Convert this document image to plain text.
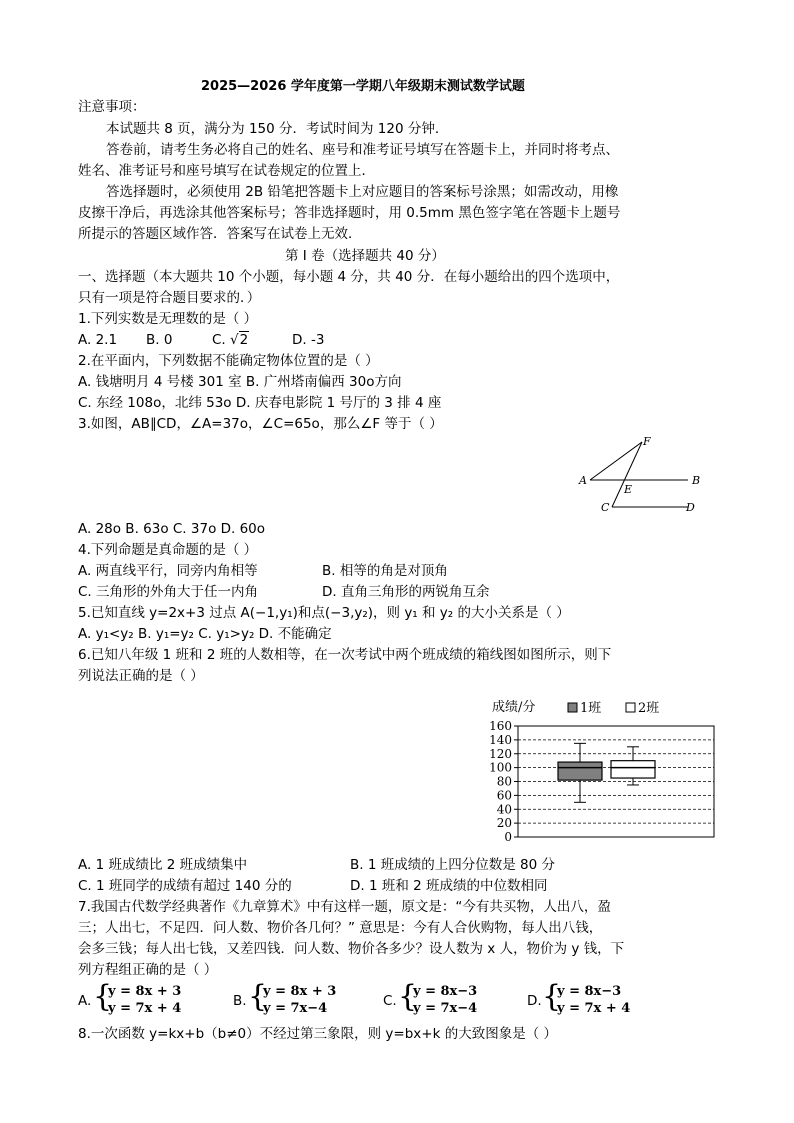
2025—2026 学年度第一学期八年级期末测试数学试题
注意事项：
本试题共 8 页，满分为 150 分．考试时间为 120 分钟．
答卷前，请考生务必将自己的姓名、座号和准考证号填写在答题卡上，并同时将考点、
姓名、准考证号和座号填写在试卷规定的位置上．
答选择题时，必须使用 2B 铅笔把答题卡上对应题目的答案标号涂黑；如需改动，用橡
皮擦干净后，再选涂其他答案标号；答非选择题时，用 0.5mm 黑色签字笔在答题卡上题号
所提示的答题区域作答．答案写在试卷上无效．
第 Ⅰ 卷（选择题共 40 分）
一、选择题（本大题共 10 个小题，每小题 4 分，共 40 分．在每小题给出的四个选项中，
只有一项是符合题目要求的．）
1.下列实数是无理数的是（ ）
A. 2.1 B. 0	C. √2	D. -3
2.在平面内，下列数据不能确定物体位置的是（ ）
A. 钱塘明月 4 号楼 301 室 B. 广州塔南偏西 30o方向
C. 东经 108o，北纬 53o D. 庆春电影院 1 号厅的 3 排 4 座
3.如图，AB∥CD，∠A=37o，∠C=65o，那么∠F 等于（ ）
A	B
C	D
E
F
A. 28o B. 63o C. 37o D. 60o
4.下列命题是真命题的是（ ）
A. 两直线平行，同旁内角相等	B. 相等的角是对顶角
C. 三角形的外角大于任一内角	D. 直角三角形的两锐角互余
5.已知直线 y=2x+3 过点 A(−1,y₁)和点(−3,y₂)，则 y₁ 和 y₂ 的大小关系是（ ）
A. y₁<y₂ B. y₁=y₂ C. y₁>y₂ D. 不能确定
6.已知八年级 1 班和 2 班的人数相等，在一次考试中两个班成绩的箱线图如图所示，则下
列说法正确的是（ ）
成绩/分	1班	2班
0
20
40
60
80
100
120
140
160
A. 1 班成绩比 2 班成绩集中	B. 1 班成绩的上四分位数是 80 分
C. 1 班同学的成绩有超过 140 分的	D. 1 班和 2 班成绩的中位数相同
7.我国古代数学经典著作《九章算术》中有这样一题，原文是：“今有共买物，人出八，盈
三；人出七，不足四．问人数、物价各几何？” 意思是：今有人合伙购物，每人出八钱，
会多三钱；每人出七钱，又差四钱．问人数、物价各多少？设人数为 x 人，物价为 y 钱，下
列方程组正确的是（ ）
A. {
y = 8x + 3
y = 7x + 4	B. {
y = 8x + 3
y = 7x−4	C. {
y = 8x−3
y = 7x−4	D. {
y = 8x−3
y = 7x + 4
8.一次函数 y=kx+b（b≠0）不经过第三象限，则 y=bx+k 的大致图象是（ ）
